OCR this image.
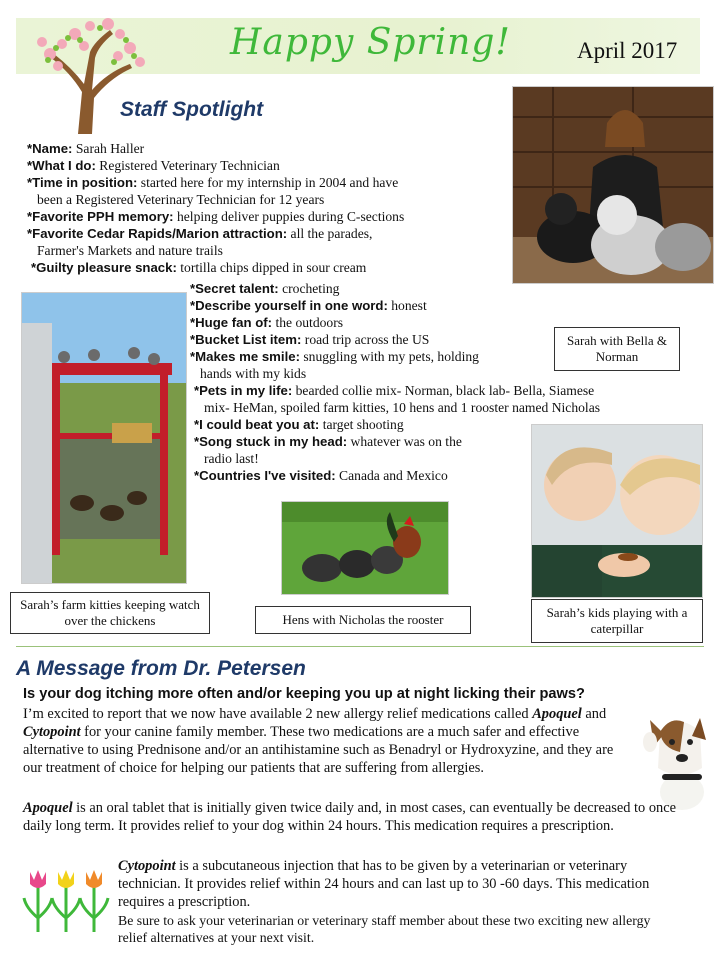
Happy Spring!	April 2017
Staff Spotlight
*Name: Sarah Haller
*What I do: Registered Veterinary Technician
*Time in position: started here for my internship in 2004 and have
been a Registered Veterinary Technician for 12 years
*Favorite PPH memory: helping deliver puppies during C-sections
*Favorite Cedar Rapids/Marion attraction: all the parades,
Farmer's Markets and nature trails
*Guilty pleasure snack: tortilla chips dipped in sour cream
*Secret talent: crocheting
*Describe yourself in one word: honest
*Huge fan of: the outdoors
*Bucket List item: road trip across the US
*Makes me smile: snuggling with my pets, holding
hands with my kids
*Pets in my life: bearded collie mix- Norman, black lab- Bella, Siamese
mix- HeMan, spoiled farm kitties, 10 hens and 1 rooster named Nicholas
*I could beat you at: target shooting
*Song stuck in my head: whatever was on the
radio last!
*Countries I've visited: Canada and Mexico
Sarah with Bella & Norman
Sarah’s farm kitties keeping watch over the chickens	Hens with Nicholas the rooster	Sarah’s kids playing with a caterpillar
A Message from Dr. Petersen
Is your dog itching more often and/or keeping you up at night licking their paws?
I’m excited to report that we now have available 2 new allergy relief medications called Apoquel and Cytopoint for your canine family member. These two medications are a much safer and effective alternative to using Prednisone and/or an antihistamine such as Benadryl or Hydroxyzine, and they are our treatment of choice for helping our patients that are suffering from allergies.
Apoquel is an oral tablet that is initially given twice daily and, in most cases, can eventually be decreased to once daily long term. It provides relief to your dog within 24 hours. This medication requires a prescription.
Cytopoint is a subcutaneous injection that has to be given by a veterinarian or veterinary technician. It provides relief within 24 hours and can last up to 30 -60 days. This medication requires a prescription.
Be sure to ask your veterinarian or veterinary staff member about these two exciting new allergy relief alternatives at your next visit.
